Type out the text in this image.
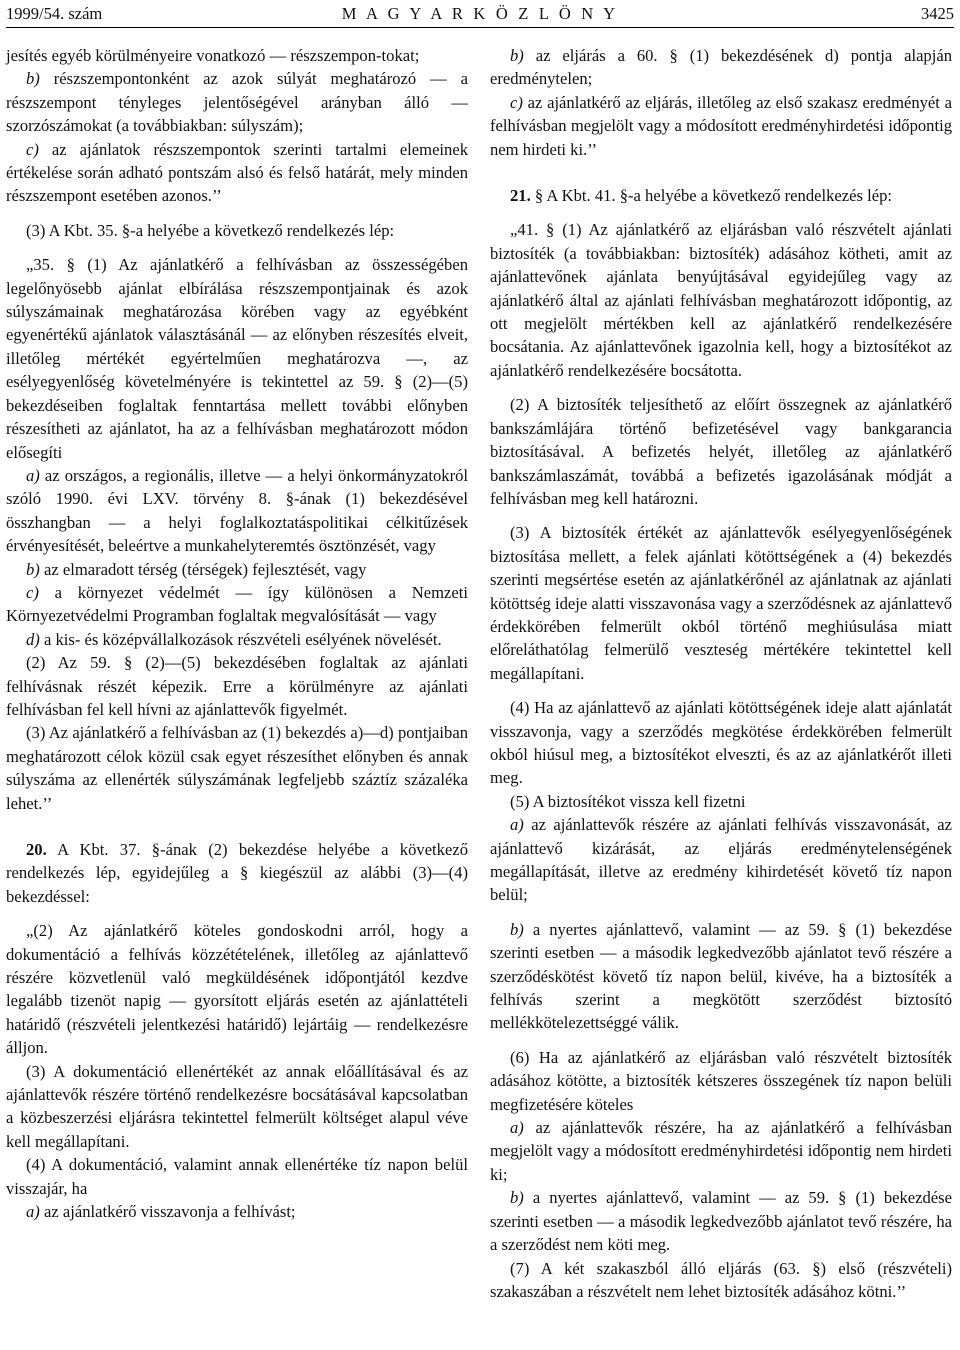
1999/54. szám	M A G Y A R K Ö Z L Ö N Y	3425

jesítés egyéb körülményeire vonatkozó — részszempon-tokat;

b) részszempontonként az azok súlyát meghatározó — a részszempont tényleges jelentőségével arányban álló — szorzószámokat (a továbbiakban: súlyszám);

c) az ajánlatok részszempontok szerinti tartalmi elemeinek értékelése során adható pontszám alsó és felső határát, mely minden részszempont esetében azonos.’’

(3) A Kbt. 35. §-a helyébe a következő rendelkezés lép:

„35. § (1) Az ajánlatkérő a felhívásban az összességében legelőnyösebb ajánlat elbírálása részszempontjainak és azok súlyszámainak meghatározása körében vagy az egyébként egyenértékű ajánlatok választásánál — az előnyben részesítés elveit, illetőleg mértékét egyértelműen meghatározva —, az esélyegyenlőség követelményére is tekintettel az 59. § (2)—(5) bekezdéseiben foglaltak fenntartása mellett további előnyben részesítheti az ajánlatot, ha az a felhívásban meghatározott módon elősegíti

a) az országos, a regionális, illetve — a helyi önkormányzatokról szóló 1990. évi LXV. törvény 8. §-ának (1) bekezdésével összhangban — a helyi foglalkoztatáspolitikai célkitűzések érvényesítését, beleértve a munkahelyteremtés ösztönzését, vagy

b) az elmaradott térség (térségek) fejlesztését, vagy

c) a környezet védelmét — így különösen a Nemzeti Környezetvédelmi Programban foglaltak megvalósítását — vagy

d) a kis- és középvállalkozások részvételi esélyének növelését.

(2) Az 59. § (2)—(5) bekezdésében foglaltak az ajánlati felhívásnak részét képezik. Erre a körülményre az ajánlati felhívásban fel kell hívni az ajánlattevők figyelmét.

(3) Az ajánlatkérő a felhívásban az (1) bekezdés a)—d) pontjaiban meghatározott célok közül csak egyet részesíthet előnyben és annak súlyszáma az ellenérték súlyszámának legfeljebb száztíz százaléka lehet.’’

20. A Kbt. 37. §-ának (2) bekezdése helyébe a következő rendelkezés lép, egyidejűleg a § kiegészül az alábbi (3)—(4) bekezdéssel:

„(2) Az ajánlatkérő köteles gondoskodni arról, hogy a dokumentáció a felhívás közzétételének, illetőleg az ajánlattevő részére közvetlenül való megküldésének időpontjától kezdve legalább tizenöt napig — gyorsított eljárás esetén az ajánlattételi határidő (részvételi jelentkezési határidő) lejártáig — rendelkezésre álljon.

(3) A dokumentáció ellenértékét az annak előállításával és az ajánlattevők részére történő rendelkezésre bocsátásával kapcsolatban a közbeszerzési eljárásra tekintettel felmerült költséget alapul véve kell megállapítani.

(4) A dokumentáció, valamint annak ellenértéke tíz napon belül visszajár, ha

a) az ajánlatkérő visszavonja a felhívást;

b) az eljárás a 60. § (1) bekezdésének d) pontja alapján eredménytelen;

c) az ajánlatkérő az eljárás, illetőleg az első szakasz eredményét a felhívásban megjelölt vagy a módosított eredményhirdetési időpontig nem hirdeti ki.’’

21. § A Kbt. 41. §-a helyébe a következő rendelkezés lép:

„41. § (1) Az ajánlatkérő az eljárásban való részvételt ajánlati biztosíték (a továbbiakban: biztosíték) adásához kötheti, amit az ajánlattevőnek ajánlata benyújtásával egyidejűleg vagy az ajánlatkérő által az ajánlati felhívásban meghatározott időpontig, az ott megjelölt mértékben kell az ajánlatkérő rendelkezésére bocsátania. Az ajánlattevőnek igazolnia kell, hogy a biztosítékot az ajánlatkérő rendelkezésére bocsátotta.

(2) A biztosíték teljesíthető az előírt összegnek az ajánlatkérő bankszámlájára történő befizetésével vagy bankgarancia biztosításával. A befizetés helyét, illetőleg az ajánlatkérő bankszámlaszámát, továbbá a befizetés igazolásának módját a felhívásban meg kell határozni.

(3) A biztosíték értékét az ajánlattevők esélyegyenlőségének biztosítása mellett, a felek ajánlati kötöttségének a (4) bekezdés szerinti megsértése esetén az ajánlatkérőnél az ajánlatnak az ajánlati kötöttség ideje alatti visszavonása vagy a szerződésnek az ajánlattevő érdekkörében felmerült okból történő meghiúsulása miatt előreláthatólag felmerülő veszteség mértékére tekintettel kell megállapítani.

(4) Ha az ajánlattevő az ajánlati kötöttségének ideje alatt ajánlatát visszavonja, vagy a szerződés megkötése érdekkörében felmerült okból hiúsul meg, a biztosítékot elveszti, és az az ajánlatkérőt illeti meg.

(5) A biztosítékot vissza kell fizetni

a) az ajánlattevők részére az ajánlati felhívás visszavonását, az ajánlattevő kizárását, az eljárás eredménytelenségének megállapítását, illetve az eredmény kihirdetését követő tíz napon belül;

b) a nyertes ajánlattevő, valamint — az 59. § (1) bekezdése szerinti esetben — a második legkedvezőbb ajánlatot tevő részére a szerződéskötést követő tíz napon belül, kivéve, ha a biztosíték a felhívás szerint a megkötött szerződést biztosító mellékkötelezettséggé válik.

(6) Ha az ajánlatkérő az eljárásban való részvételt biztosíték adásához kötötte, a biztosíték kétszeres összegének tíz napon belüli megfizetésére köteles

a) az ajánlattevők részére, ha az ajánlatkérő a felhívásban megjelölt vagy a módosított eredményhirdetési időpontig nem hirdeti ki;

b) a nyertes ajánlattevő, valamint — az 59. § (1) bekezdése szerinti esetben — a második legkedvezőbb ajánlatot tevő részére, ha a szerződést nem köti meg.

(7) A két szakaszból álló eljárás (63. §) első (részvételi) szakaszában a részvételt nem lehet biztosíték adásához kötni.’’
